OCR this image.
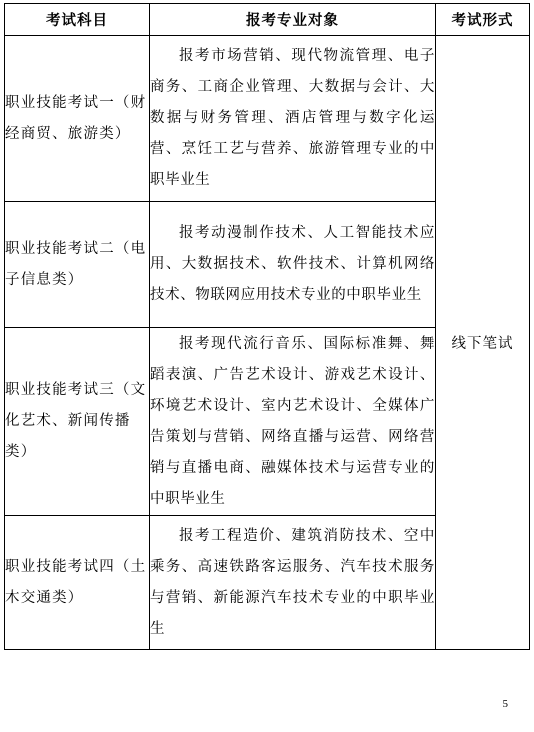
考试科目	报考专业对象	考试形式
职业技能考试一（财经商贸、旅游类）	报考市场营销、现代物流管理、电子商务、工商企业管理、大数据与会计、大数据与财务管理、酒店管理与数字化运营、烹饪工艺与营养、旅游管理专业的中职毕业生	线下笔试
职业技能考试二（电子信息类）	报考动漫制作技术、人工智能技术应用、大数据技术、软件技术、计算机网络技术、物联网应用技术专业的中职毕业生	
职业技能考试三（文化艺术、新闻传播类）	报考现代流行音乐、国际标准舞、舞蹈表演、广告艺术设计、游戏艺术设计、环境艺术设计、室内艺术设计、全媒体广告策划与营销、网络直播与运营、网络营销与直播电商、融媒体技术与运营专业的中职毕业生	
职业技能考试四（土木交通类）	报考工程造价、建筑消防技术、空中乘务、高速铁路客运服务、汽车技术服务与营销、新能源汽车技术专业的中职毕业生	
5
